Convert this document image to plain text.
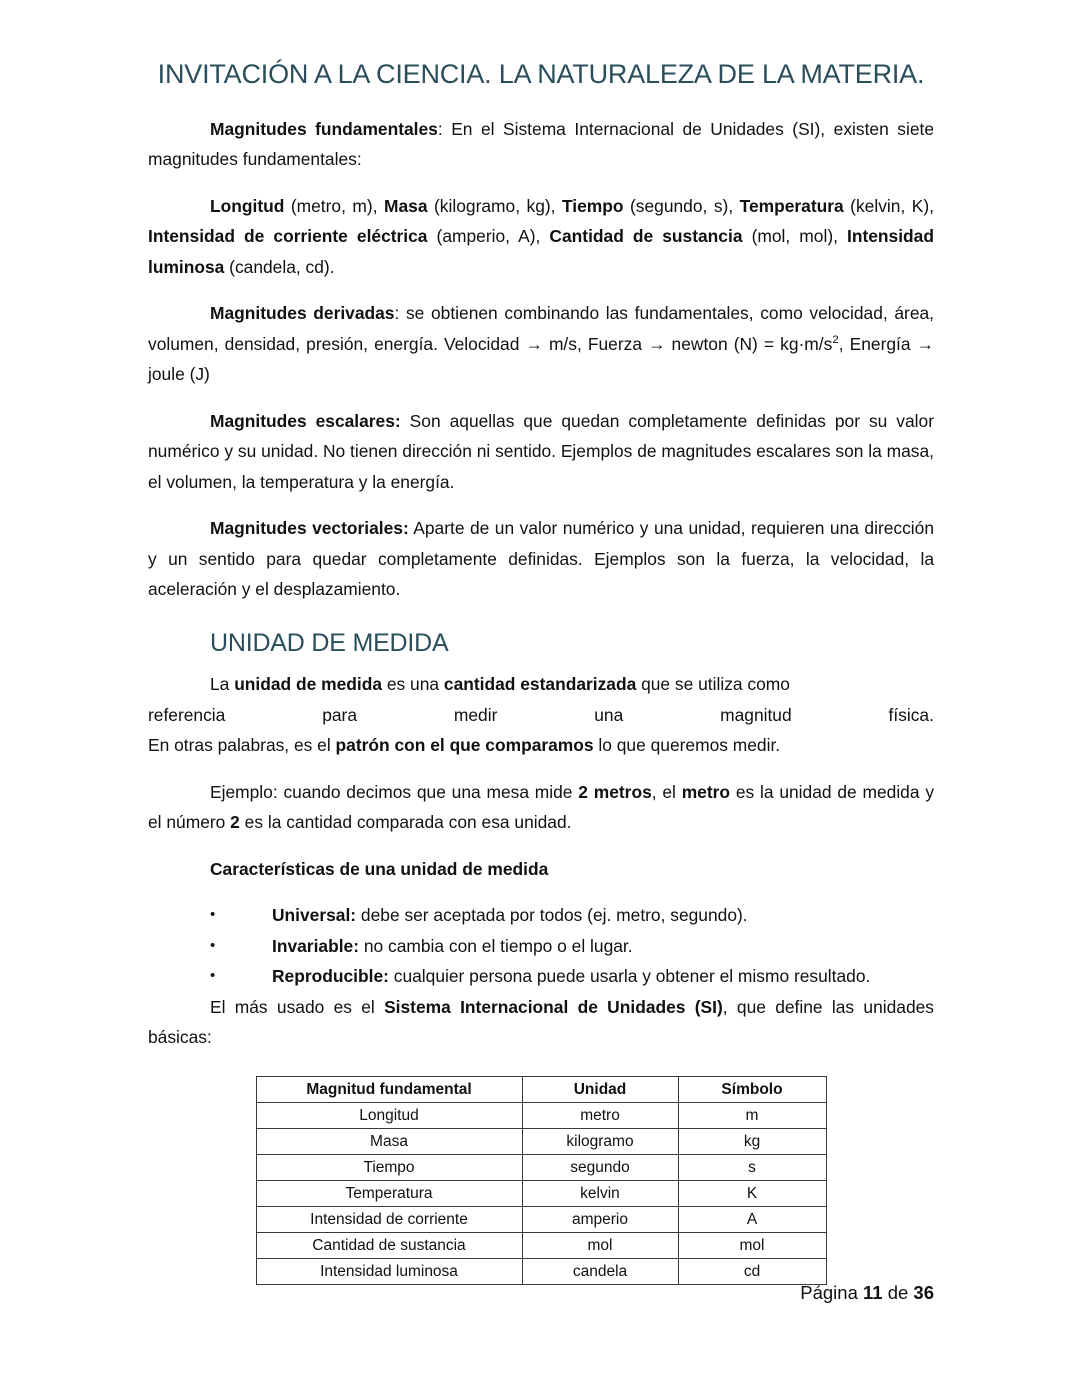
INVITACIÓN A LA CIENCIA. LA NATURALEZA DE LA MATERIA.

Magnitudes fundamentales: En el Sistema Internacional de Unidades (SI), existen siete magnitudes fundamentales:

Longitud (metro, m), Masa (kilogramo, kg), Tiempo (segundo, s), Temperatura (kelvin, K), Intensidad de corriente eléctrica (amperio, A), Cantidad de sustancia (mol, mol), Intensidad luminosa (candela, cd).

Magnitudes derivadas: se obtienen combinando las fundamentales, como velocidad, área, volumen, densidad, presión, energía. Velocidad → m/s, Fuerza → newton $(N) = kg\cdot m/s^2$, Energía → joule (J)

Magnitudes escalares: Son aquellas que quedan completamente definidas por su valor numérico y su unidad. No tienen dirección ni sentido. Ejemplos de magnitudes escalares son la masa, el volumen, la temperatura y la energía.

Magnitudes vectoriales: Aparte de un valor numérico y una unidad, requieren una dirección y un sentido para quedar completamente definidas. Ejemplos son la fuerza, la velocidad, la aceleración y el desplazamiento.

UNIDAD DE MEDIDA

La unidad de medida es una cantidad estandarizada que se utiliza como

referencia	para	medir	una	magnitud	física.

En otras palabras, es el patrón con el que comparamos lo que queremos medir.

Ejemplo: cuando decimos que una mesa mide 2 metros, el metro es la unidad de medida y el número 2 es la cantidad comparada con esa unidad.

Características de una unidad de medida

•	Universal: debe ser aceptada por todos (ej. metro, segundo).
•	Invariable: no cambia con el tiempo o el lugar.
•	Reproducible: cualquier persona puede usarla y obtener el mismo resultado.

El más usado es el Sistema Internacional de Unidades (SI), que define las unidades básicas:

Magnitud fundamental	Unidad	Símbolo
Longitud	metro	m
Masa	kilogramo	kg
Tiempo	segundo	s
Temperatura	kelvin	K
Intensidad de corriente	amperio	A
Cantidad de sustancia	mol	mol
Intensidad luminosa	candela	cd
Página 11 de 36
